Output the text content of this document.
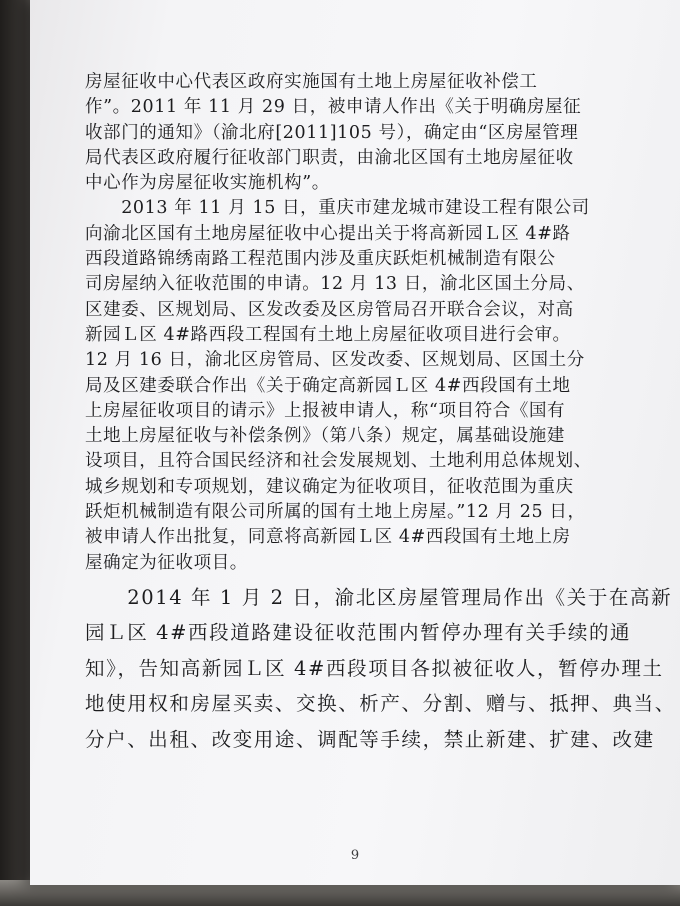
房屋征收中心代表区政府实施国有土地上房屋征收补偿工
作”。2011 年 11 月 29 日，被申请人作出《关于明确房屋征
收部门的通知》（渝北府[2011]105 号），确定由“区房屋管理
局代表区政府履行征收部门职责，由渝北区国有土地房屋征收
中心作为房屋征收实施机构”。
　　2013 年 11 月 15 日，重庆市建龙城市建设工程有限公司
向渝北区国有土地房屋征收中心提出关于将高新园Ｌ区 4#路
西段道路锦绣南路工程范围内涉及重庆跃炬机械制造有限公
司房屋纳入征收范围的申请。12 月 13 日，渝北区国土分局、
区建委、区规划局、区发改委及区房管局召开联合会议，对高
新园Ｌ区 4#路西段工程国有土地上房屋征收项目进行会审。
12 月 16 日，渝北区房管局、区发改委、区规划局、区国土分
局及区建委联合作出《关于确定高新园Ｌ区 4#西段国有土地
上房屋征收项目的请示》上报被申请人，称“项目符合《国有
土地上房屋征收与补偿条例》（第八条）规定，属基础设施建
设项目，且符合国民经济和社会发展规划、土地利用总体规划、
城乡规划和专项规划，建议确定为征收项目，征收范围为重庆
跃炬机械制造有限公司所属的国有土地上房屋。”12 月 25 日，
被申请人作出批复，同意将高新园Ｌ区 4#西段国有土地上房
屋确定为征收项目。
　　2014 年 1 月 2 日，渝北区房屋管理局作出《关于在高新
园Ｌ区 4#西段道路建设征收范围内暂停办理有关手续的通
知》，告知高新园Ｌ区 4#西段项目各拟被征收人，暂停办理土
地使用权和房屋买卖、交换、析产、分割、赠与、抵押、典当、
分户、出租、改变用途、调配等手续，禁止新建、扩建、改建
9
